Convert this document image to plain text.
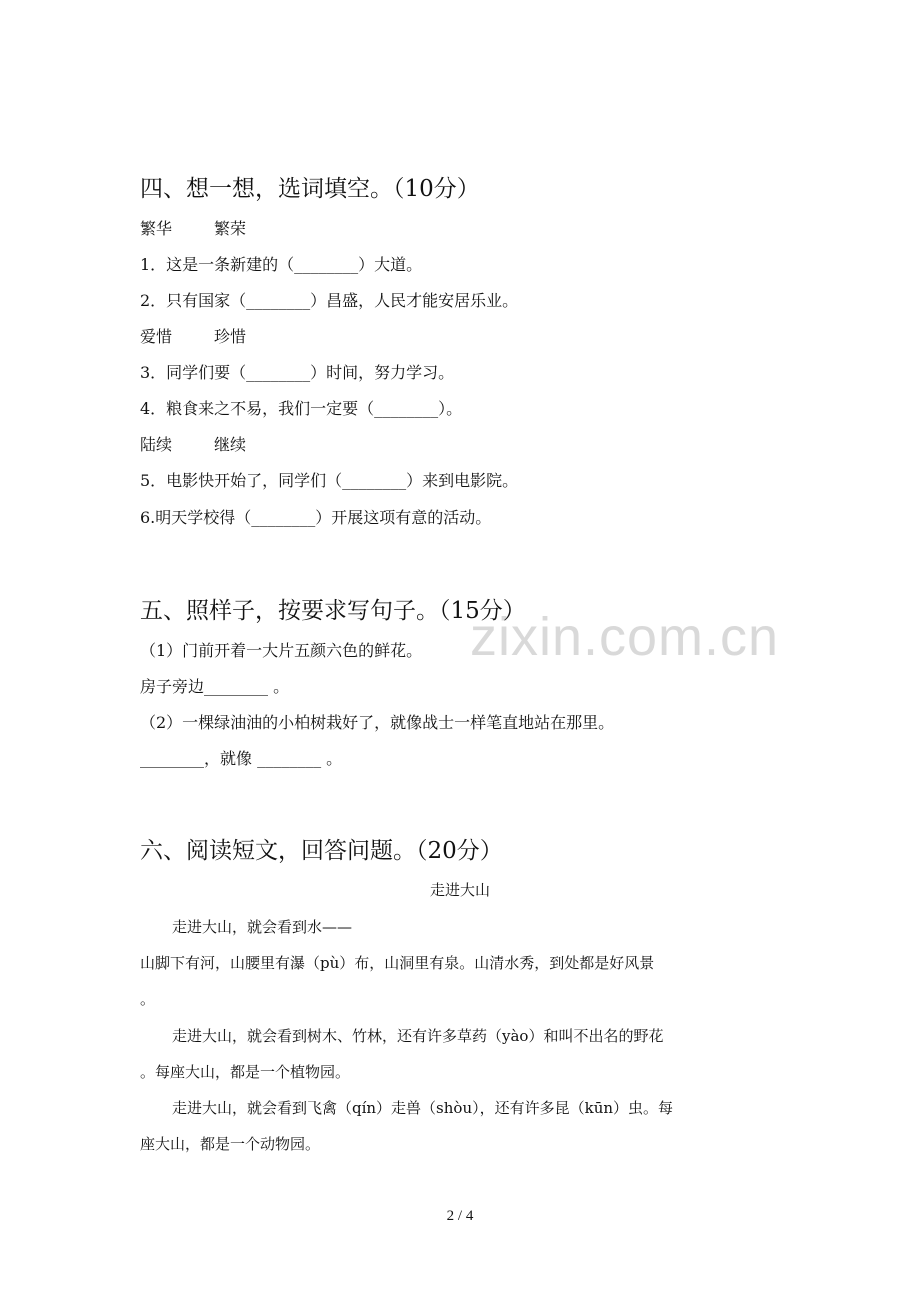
zixin.com.cn
四、想一想，选词填空。（10分）
繁华	繁荣
1．这是一条新建的（________）大道。
2．只有国家（________）昌盛，人民才能安居乐业。
爱惜	珍惜
3．同学们要（________）时间，努力学习。
4．粮食来之不易，我们一定要（________）。
陆续	继续
5．电影快开始了，同学们（________）来到电影院。
6.明天学校得（________）开展这项有意的活动。
五、照样子，按要求写句子。（15分）
（1）门前开着一大片五颜六色的鲜花。
房子旁边________ 。
（2）一棵绿油油的小柏树栽好了，就像战士一样笔直地站在那里。
________，就像 ________ 。
六、阅读短文，回答问题。（20分）
走进大山
走进大山，就会看到水——
山脚下有河，山腰里有瀑（pù）布，山洞里有泉。山清水秀，到处都是好风景
。
走进大山，就会看到树木、竹林，还有许多草药（yào）和叫不出名的野花
。每座大山，都是一个植物园。
走进大山，就会看到飞禽（qín）走兽（shòu），还有许多昆（kūn）虫。每
座大山，都是一个动物园。
2 / 4
